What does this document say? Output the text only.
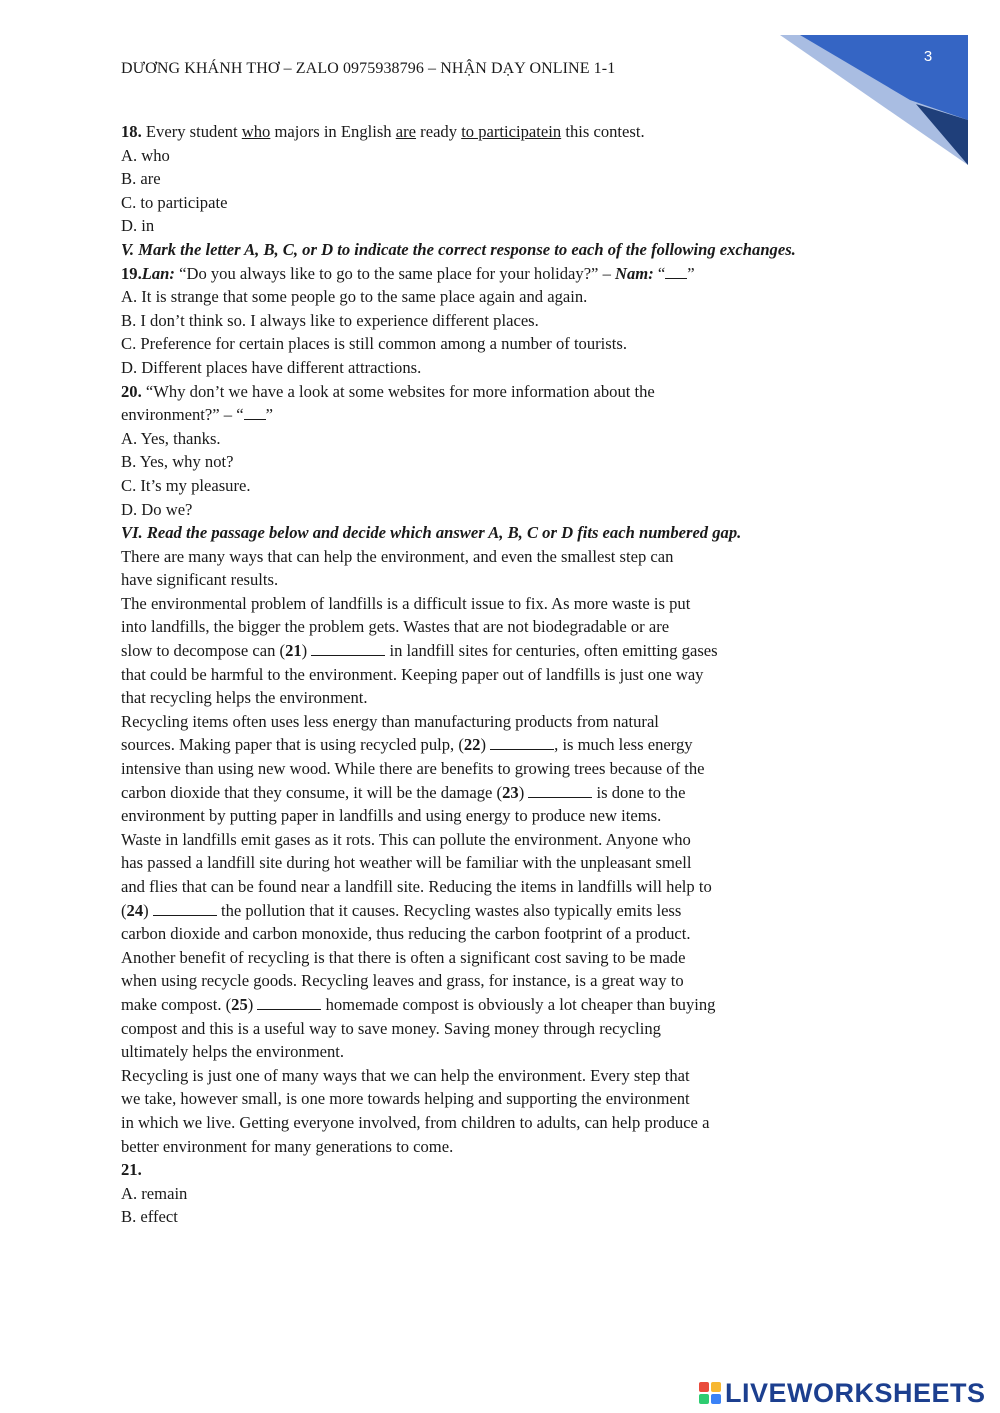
3
DƯƠNG KHÁNH THƠ – ZALO 0975938796 – NHẬN DẠY ONLINE 1-1
18. Every student who majors in English are ready to participatein this contest.
A. who
B. are
C. to participate
D. in
V. Mark the letter A, B, C, or D to indicate the correct response to each of the following exchanges.
19.Lan: “Do you always like to go to the same place for your holiday?” – Nam: “ ”
A. It is strange that some people go to the same place again and again.
B. I don’t think so. I always like to experience different places.
C. Preference for certain places is still common among a number of tourists.
D. Different places have different attractions.
20. “Why don’t we have a look at some websites for more information about the
environment?” – “ ”
A. Yes, thanks.
B. Yes, why not?
C. It’s my pleasure.
D. Do we?
VI. Read the passage below and decide which answer A, B, C or D fits each numbered gap.
There are many ways that can help the environment, and even the smallest step can
have significant results.
The environmental problem of landfills is a difficult issue to fix. As more waste is put
into landfills, the bigger the problem gets. Wastes that are not biodegradable or are
slow to decompose can (21)	in landfill sites for centuries, often emitting gases
that could be harmful to the environment. Keeping paper out of landfills is just one way
that recycling helps the environment.
Recycling items often uses less energy than manufacturing products from natural
sources. Making paper that is using recycled pulp, (22)	, is much less energy
intensive than using new wood. While there are benefits to growing trees because of the
carbon dioxide that they consume, it will be the damage (23)	is done to the
environment by putting paper in landfills and using energy to produce new items.
Waste in landfills emit gases as it rots. This can pollute the environment. Anyone who
has passed a landfill site during hot weather will be familiar with the unpleasant smell
and flies that can be found near a landfill site. Reducing the items in landfills will help to
(24)	the pollution that it causes. Recycling wastes also typically emits less
carbon dioxide and carbon monoxide, thus reducing the carbon footprint of a product.
Another benefit of recycling is that there is often a significant cost saving to be made
when using recycle goods. Recycling leaves and grass, for instance, is a great way to
make compost. (25)	homemade compost is obviously a lot cheaper than buying
compost and this is a useful way to save money. Saving money through recycling
ultimately helps the environment.
Recycling is just one of many ways that we can help the environment. Every step that
we take, however small, is one more towards helping and supporting the environment
in which we live. Getting everyone involved, from children to adults, can help produce a
better environment for many generations to come.
21.
A. remain
B. effect
LIVEWORKSHEETS
